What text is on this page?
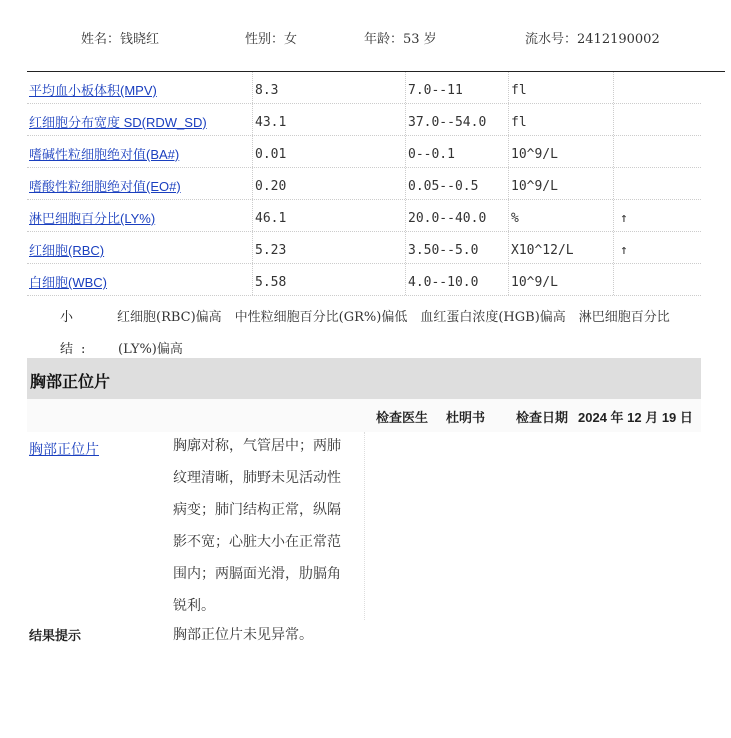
姓名：钱晓红	性别：女	年龄：53 岁	流水号：2412190002
平均血小板体积(MPV)	8.3	7.0--11	fl
红细胞分布宽度 SD(RDW_SD)	43.1	37.0--54.0 fl
嗜碱性粒细胞绝对值(BA#)	0.01	0--0.1	10^9/L
嗜酸性粒细胞绝对值(EO#)	0.20	0.05--0.5	10^9/L
淋巴细胞百分比(LY%)	46.1	20.0--40.0 %	↑
红细胞(RBC)	5.23	3.50--5.0	X10^12/L	↑
白细胞(WBC)	5.58	4.0--10.0	10^9/L
小结:
红细胞(RBC)偏高　中性粒细胞百分比(GR%)偏低　血红蛋白浓度(HGB)偏高　淋巴细胞百分比
(LY%)偏高
胸部正位片
检查医生 杜明书 检查日期 2024 年 12 月 19 日
胸部正位片	胸廓对称，气管居中；两肺纹理清晰，肺野未见活动性病变；肺门结构正常，纵隔影不宽；心脏大小在正常范围内；两膈面光滑，肋膈角锐利。
结果提示	胸部正位片未见异常。
